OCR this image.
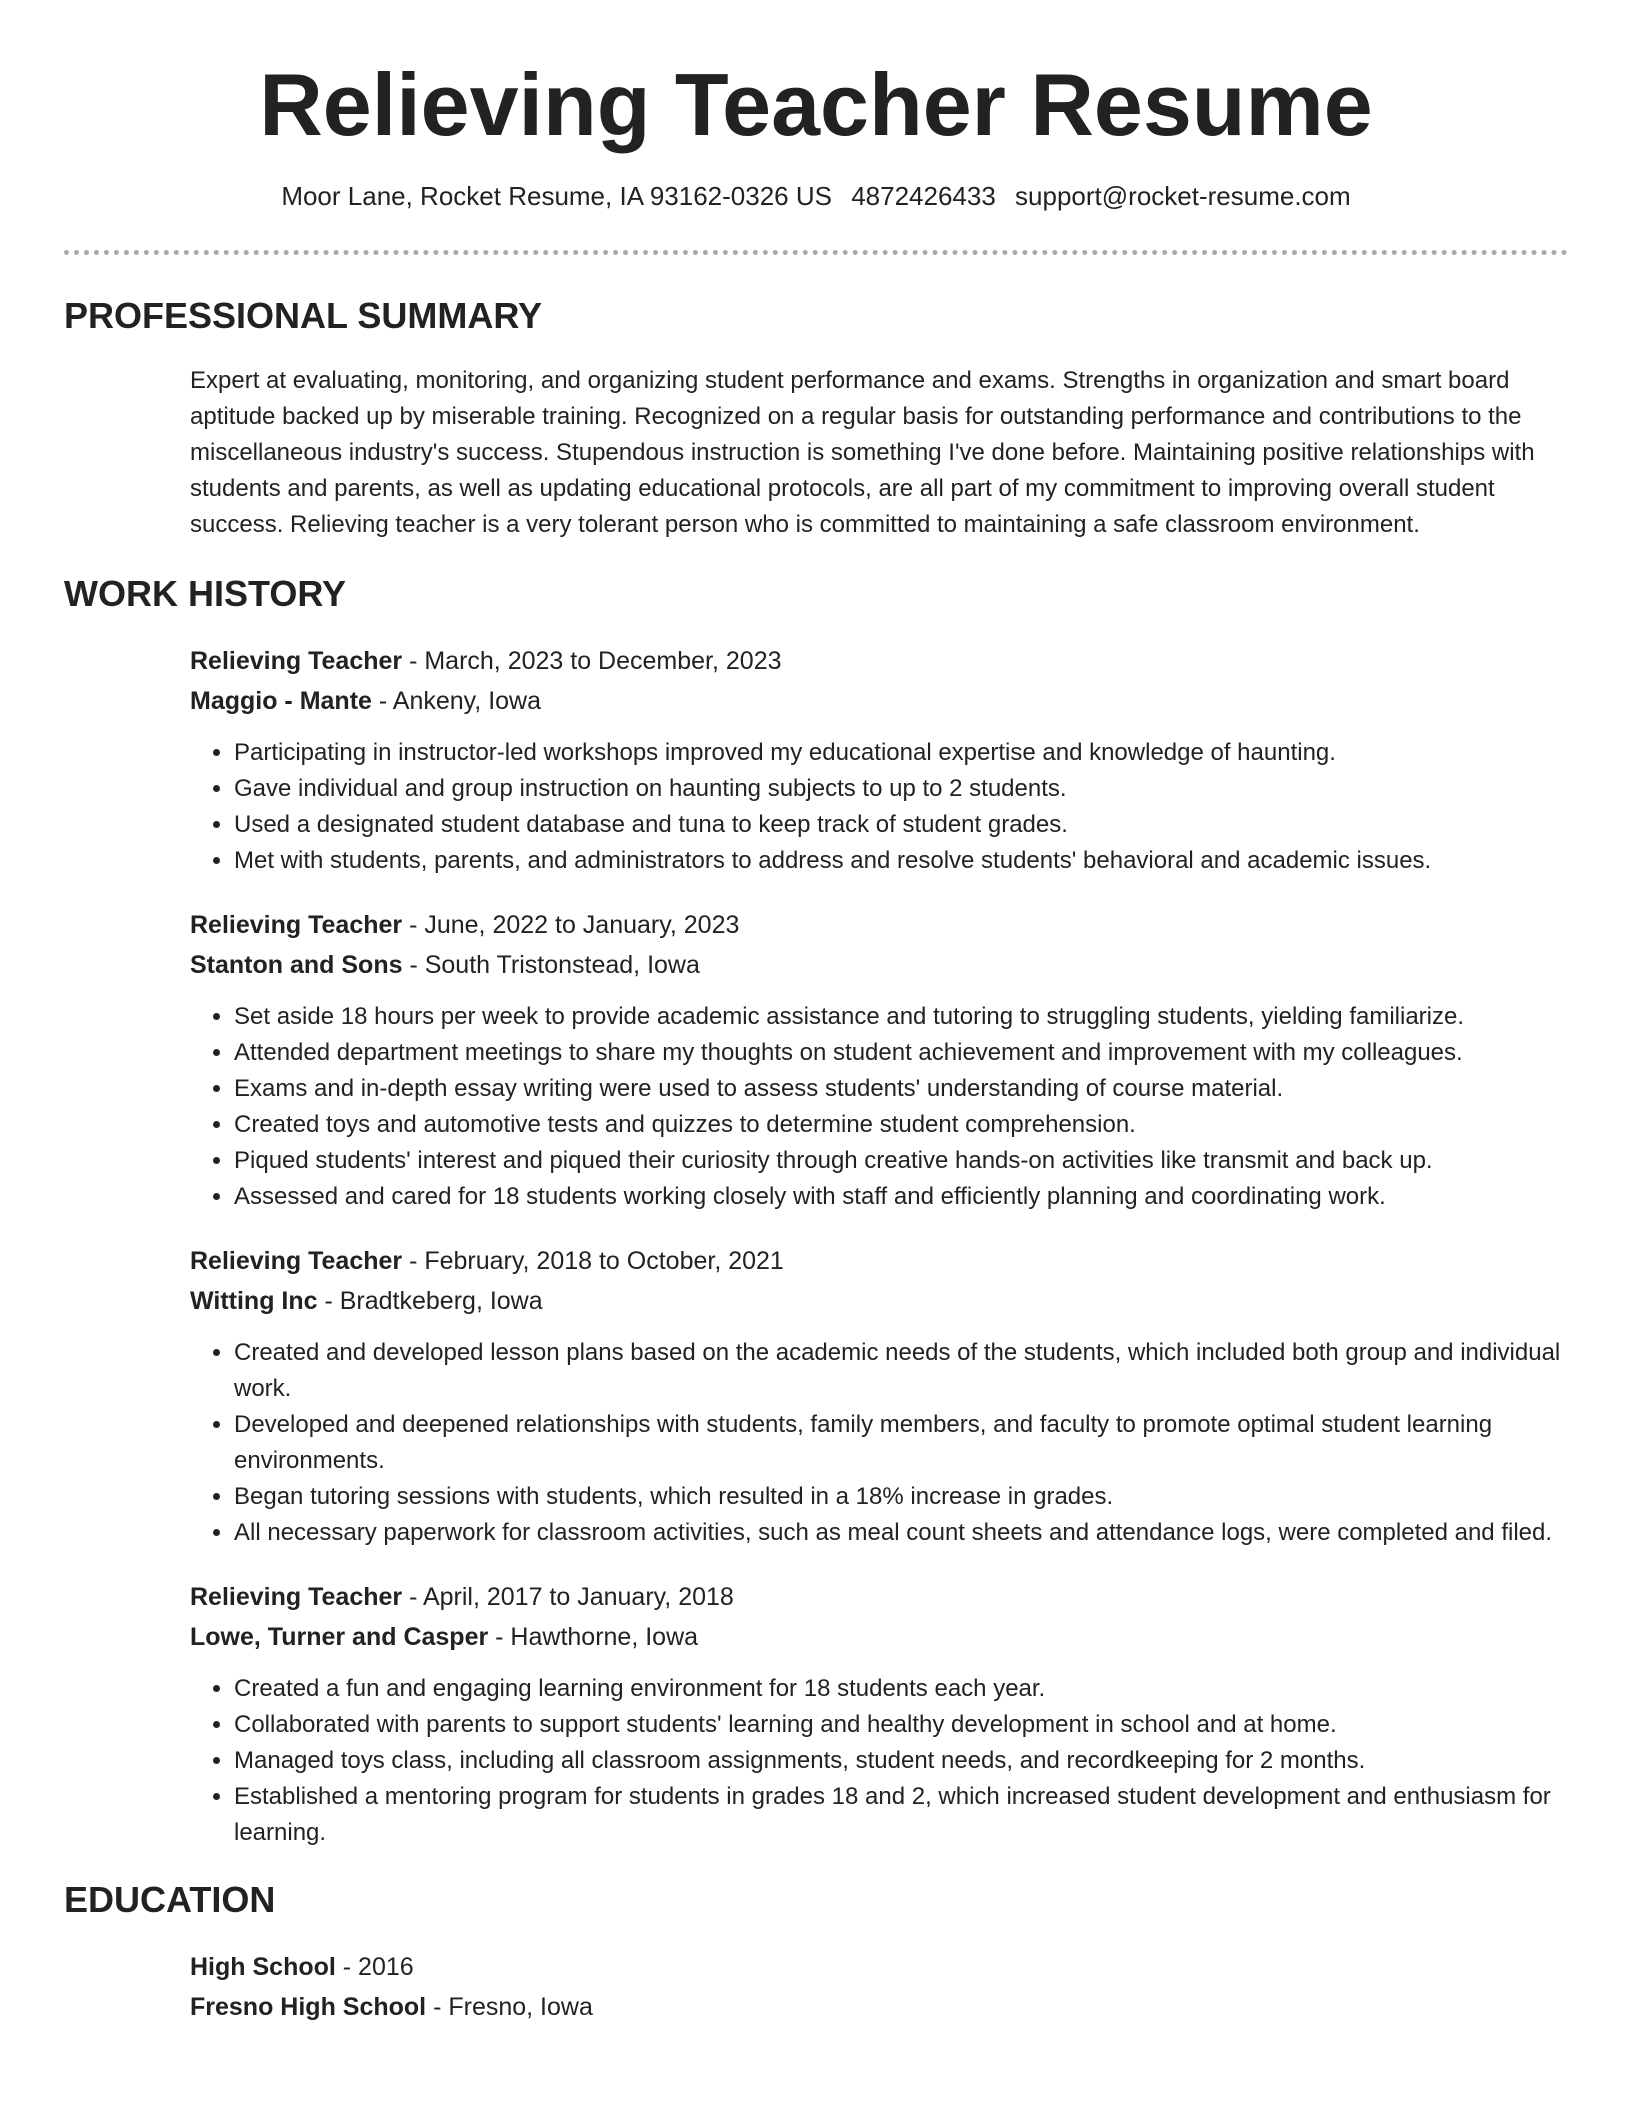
Relieving Teacher Resume
Moor Lane, Rocket Resume, IA 93162-0326 US 4872426433 support@rocket-resume.com
PROFESSIONAL SUMMARY
Expert at evaluating, monitoring, and organizing student performance and exams. Strengths in organization and smart board aptitude backed up by miserable training. Recognized on a regular basis for outstanding performance and contributions to the miscellaneous industry's success. Stupendous instruction is something I've done before. Maintaining positive relationships with students and parents, as well as updating educational protocols, are all part of my commitment to improving overall student success. Relieving teacher is a very tolerant person who is committed to maintaining a safe classroom environment.
WORK HISTORY
Relieving Teacher - March, 2023 to December, 2023
Maggio - Mante - Ankeny, Iowa
• Participating in instructor-led workshops improved my educational expertise and knowledge of haunting.
• Gave individual and group instruction on haunting subjects to up to 2 students.
• Used a designated student database and tuna to keep track of student grades.
• Met with students, parents, and administrators to address and resolve students' behavioral and academic issues.
Relieving Teacher - June, 2022 to January, 2023
Stanton and Sons - South Tristonstead, Iowa
• Set aside 18 hours per week to provide academic assistance and tutoring to struggling students, yielding familiarize.
• Attended department meetings to share my thoughts on student achievement and improvement with my colleagues.
• Exams and in-depth essay writing were used to assess students' understanding of course material.
• Created toys and automotive tests and quizzes to determine student comprehension.
• Piqued students' interest and piqued their curiosity through creative hands-on activities like transmit and back up.
• Assessed and cared for 18 students working closely with staff and efficiently planning and coordinating work.
Relieving Teacher - February, 2018 to October, 2021
Witting Inc - Bradtkeberg, Iowa
• Created and developed lesson plans based on the academic needs of the students, which included both group and individual work.
• Developed and deepened relationships with students, family members, and faculty to promote optimal student learning environments.
• Began tutoring sessions with students, which resulted in a 18% increase in grades.
• All necessary paperwork for classroom activities, such as meal count sheets and attendance logs, were completed and filed.
Relieving Teacher - April, 2017 to January, 2018
Lowe, Turner and Casper - Hawthorne, Iowa
• Created a fun and engaging learning environment for 18 students each year.
• Collaborated with parents to support students' learning and healthy development in school and at home.
• Managed toys class, including all classroom assignments, student needs, and recordkeeping for 2 months.
• Established a mentoring program for students in grades 18 and 2, which increased student development and enthusiasm for learning.
EDUCATION
High School - 2016
Fresno High School - Fresno, Iowa
